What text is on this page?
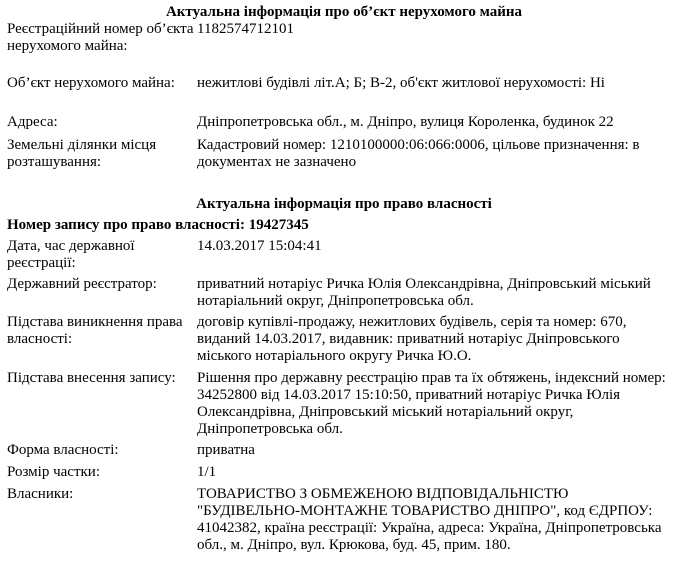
Актуальна інформація про об’єкт нерухомого майна
Реєстраційний номер об’єкта нерухомого майна:
1182574712101
Об’єкт нерухомого майна:	нежитлові будівлі літ.А; Б; В-2, об'єкт житлової нерухомості: Ні
Адреса:	Дніпропетровська обл., м. Дніпро, вулиця Короленка, будинок 22
Земельні ділянки місця розташування:
Кадастровий номер: 1210100000:06:066:0006, цільове призначення: в документах не зазначено
Актуальна інформація про право власності
Номер запису про право власності: 19427345
Дата, час державної реєстрації:
14.03.2017 15:04:41
Державний реєстратор:	приватний нотаріус Ричка Юлія Олександрівна, Дніпровський міський нотаріальний округ, Дніпропетровська обл.
Підстава виникнення права власності:
договір купівлі-продажу, нежитлових будівель, серія та номер: 670, виданий 14.03.2017, видавник: приватний нотаріус Дніпровського міського нотаріального округу Ричка Ю.О.
Підстава внесення запису:	Рішення про державну реєстрацію прав та їх обтяжень, індексний номер: 34252800 від 14.03.2017 15:10:50, приватний нотаріус Ричка Юлія Олександрівна, Дніпровський міський нотаріальний округ, Дніпропетровська обл.
Форма власності:	приватна
Розмір частки:	1/1
Власники:	ТОВАРИСТВО З ОБМЕЖЕНОЮ ВІДПОВІДАЛЬНІСТЮ "БУДІВЕЛЬНО-МОНТАЖНЕ ТОВАРИСТВО ДНІПРО", код ЄДРПОУ: 41042382, країна реєстрації: Україна, адреса: Україна, Дніпропетровська обл., м. Дніпро, вул. Крюкова, буд. 45, прим. 180.
